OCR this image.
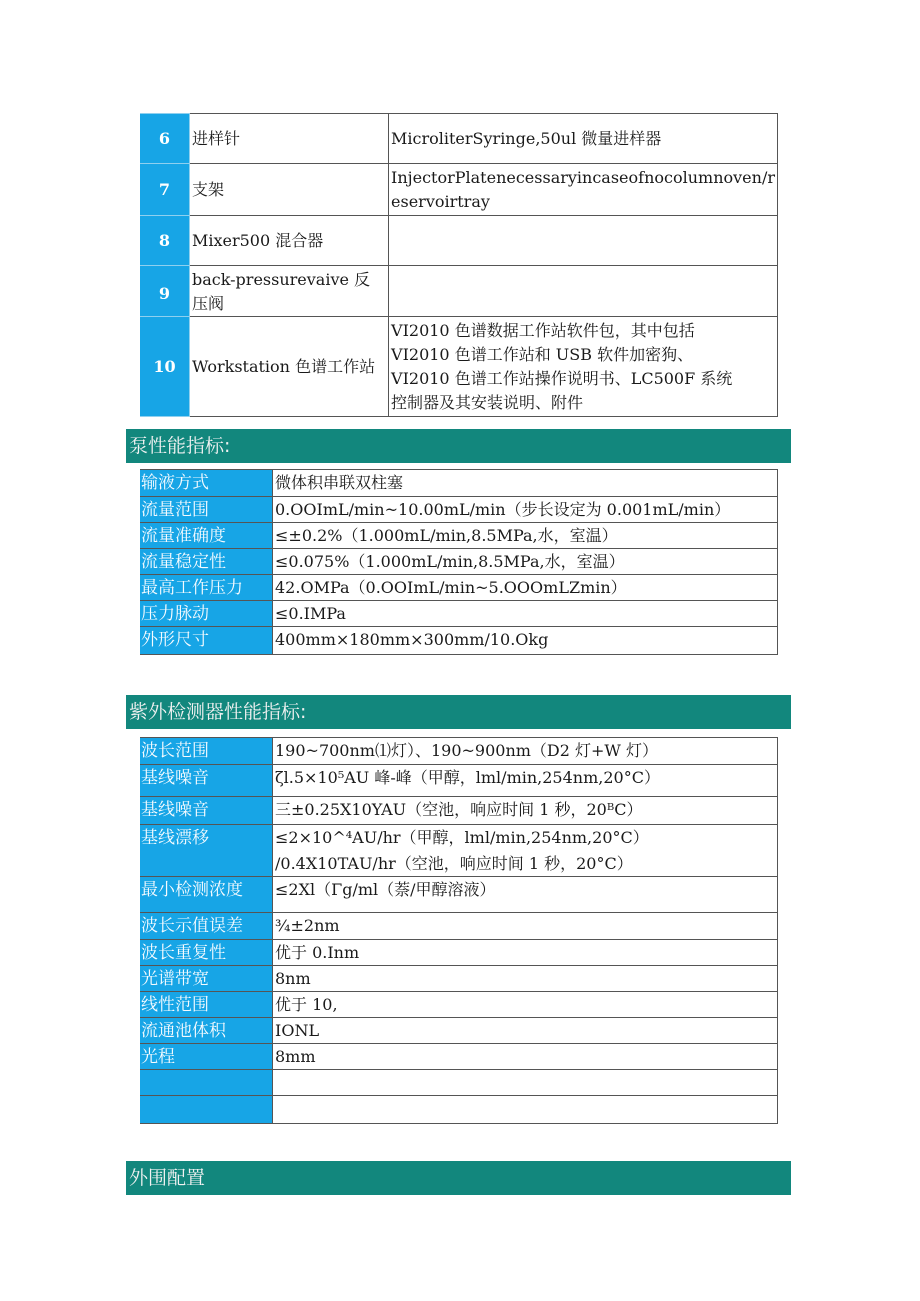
6	进样针	MicroliterSyringe,50ul 微量进样器

7	支架	InjectorPlatenecessaryincaseofnocolumnoven/r
eservoirtray

8	Mixer500 混合器	
9	back-pressurevaive 反压阀	
10	Workstation 色谱工作站	VI2010 色谱数据工作站软件包，其中包括
VI2010 色谱工作站和 USB 软件加密狗、
VI2010 色谱工作站操作说明书、LC500F 系统
控制器及其安装说明、附件
泵性能指标:
输液方式	微体积串联双柱塞
流量范围	0.OOImL∕min~10.00mL∕min（步长设定为 0.001mL∕min）
流量准确度	≤±0.2%（1.000mL∕min,8.5MPa,水，室温）
流量稳定性	≤0.075%（1.000mL∕min,8.5MPa,水，室温）
最高工作压力	42.OMPa（0.OOImL∕min~5.OOOmLZmin）
压力脉动	≤0.IMPa
外形尺寸	400mm×180mm×300mm∕10.Okg
紫外检测器性能指标:
波长范围	190~700nm⑴灯）、190~900nm（D2 灯+W 灯）
基线噪音	ζl.5×10⁵AU 峰-峰（甲醇，lml∕min,254nm,20°C）
基线噪音	三±0.25X10YAU（空池，响应时间 1 秒，20ᴮC）
基线漂移	≤2×10^⁴AU∕hr（甲醇，lml/min,254nm,20°C）
/0.4X10TAU/hr（空池，响应时间 1 秒，20°C）
最小检测浓度	≤2Xl（Γg∕ml（萘/甲醇溶液）
波长示值误差	¾±2nm
波长重复性	优于 0.Inm
光谱带宽	8nm
线性范围	优于 10,
流通池体积	IONL
光程	8mm
外围配置
